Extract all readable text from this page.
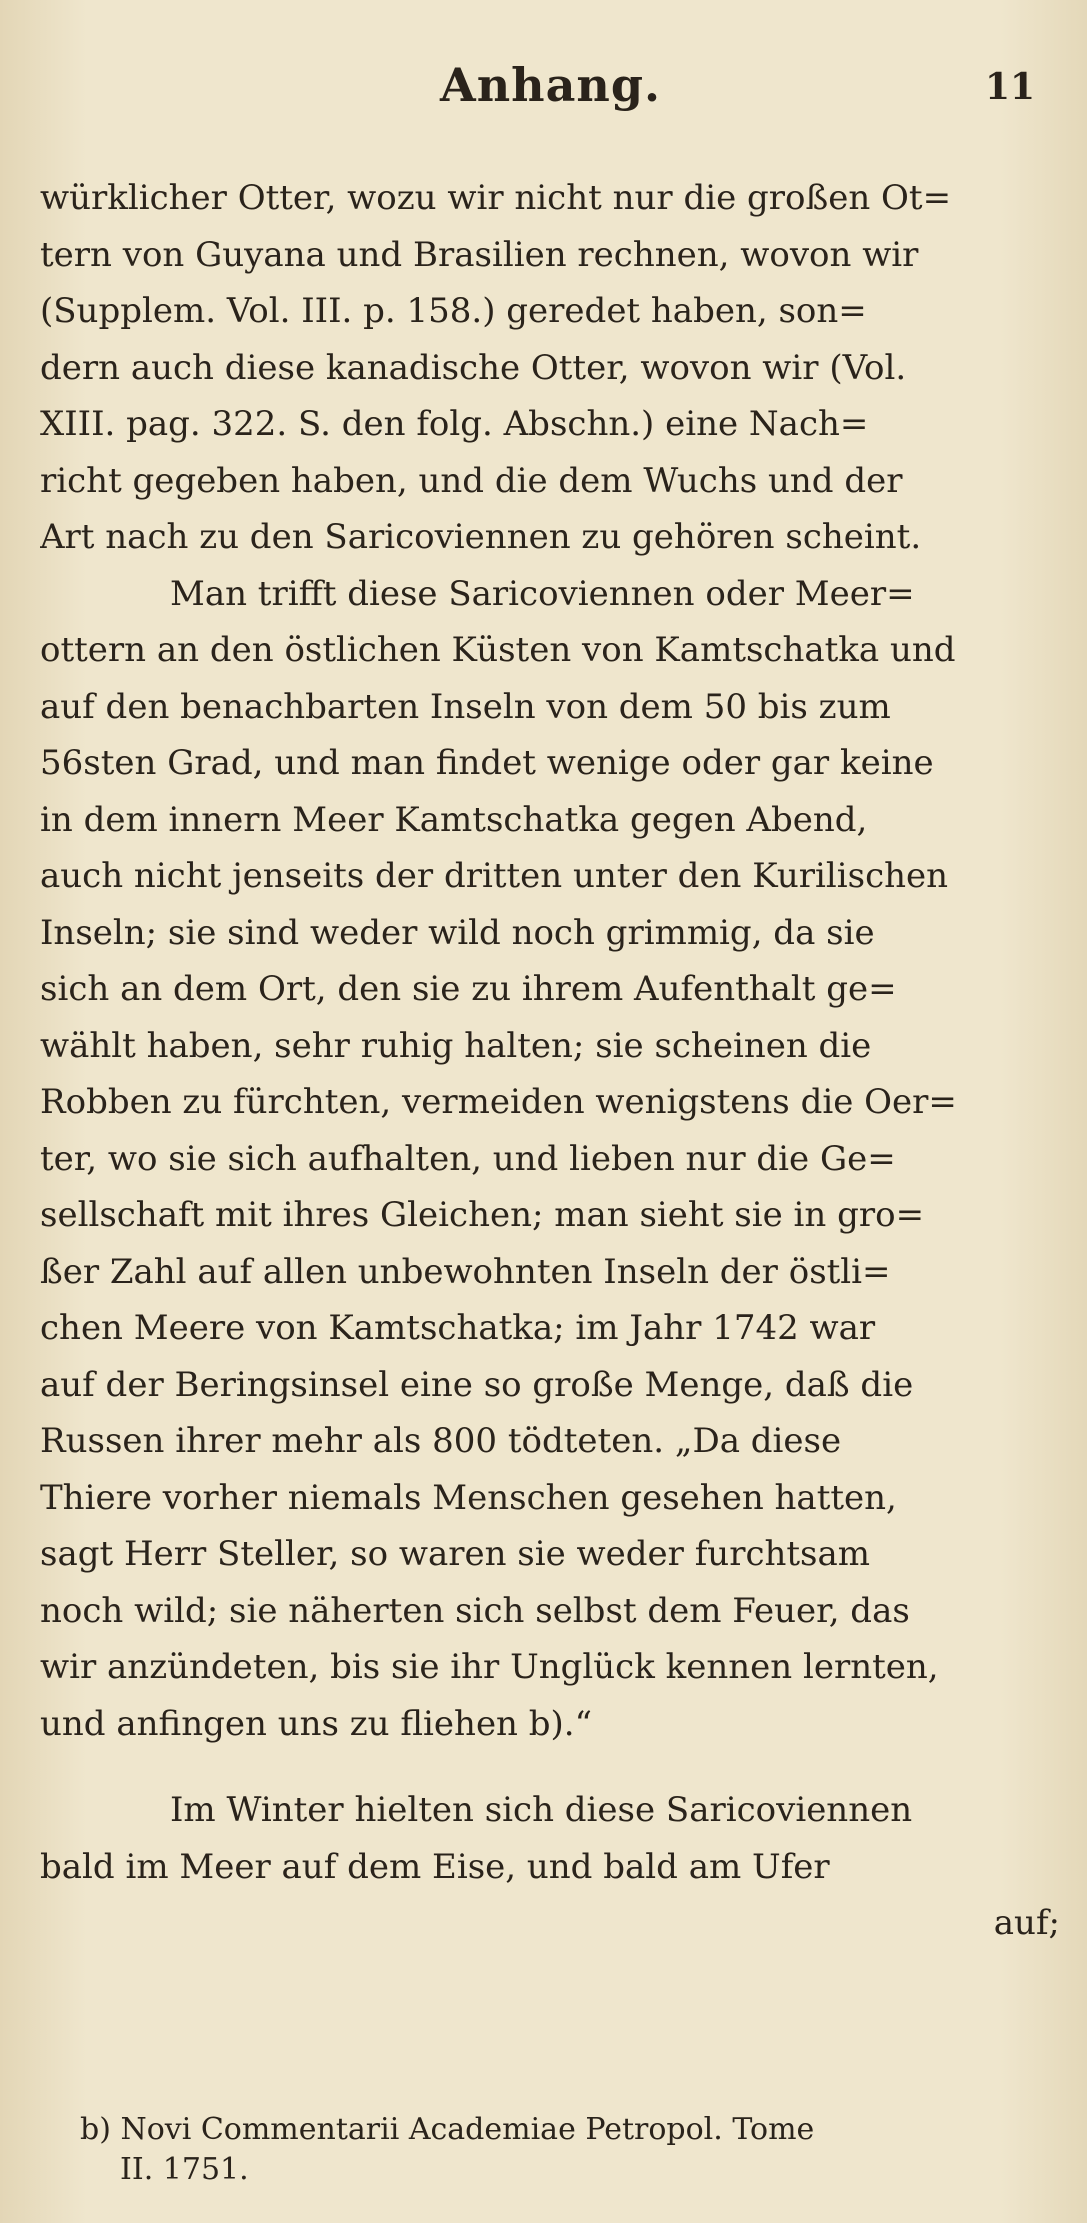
Anhang.	11
würklicher Otter, wozu wir nicht nur die großen Ot=
tern von Guyana und Brasilien rechnen, wovon wir
(Supplem. Vol. III. p. 158.) geredet haben, son=
dern auch diese kanadische Otter, wovon wir (Vol.
XIII. pag. 322. S. den folg. Abschn.) eine Nach=
richt gegeben haben, und die dem Wuchs und der
Art nach zu den Saricoviennen zu gehören scheint.
Man trifft diese Saricoviennen oder Meer=
ottern an den östlichen Küsten von Kamtschatka und
auf den benachbarten Inseln von dem 50 bis zum
56sten Grad, und man findet wenige oder gar keine
in dem innern Meer Kamtschatka gegen Abend,
auch nicht jenseits der dritten unter den Kurilischen
Inseln; sie sind weder wild noch grimmig, da sie
sich an dem Ort, den sie zu ihrem Aufenthalt ge=
wählt haben, sehr ruhig halten; sie scheinen die
Robben zu fürchten, vermeiden wenigstens die Oer=
ter, wo sie sich aufhalten, und lieben nur die Ge=
sellschaft mit ihres Gleichen; man sieht sie in gro=
ßer Zahl auf allen unbewohnten Inseln der östli=
chen Meere von Kamtschatka; im Jahr 1742 war
auf der Beringsinsel eine so große Menge, daß die
Russen ihrer mehr als 800 tödteten. „Da diese
Thiere vorher niemals Menschen gesehen hatten,
sagt Herr Steller, so waren sie weder furchtsam
noch wild; sie näherten sich selbst dem Feuer, das
wir anzündeten, bis sie ihr Unglück kennen lernten,
und anfingen uns zu fliehen b).“
Im Winter hielten sich diese Saricoviennen
bald im Meer auf dem Eise, und bald am Ufer
auf;
b) Novi Commentarii Academiae Petropol. Tome
II. 1751.
